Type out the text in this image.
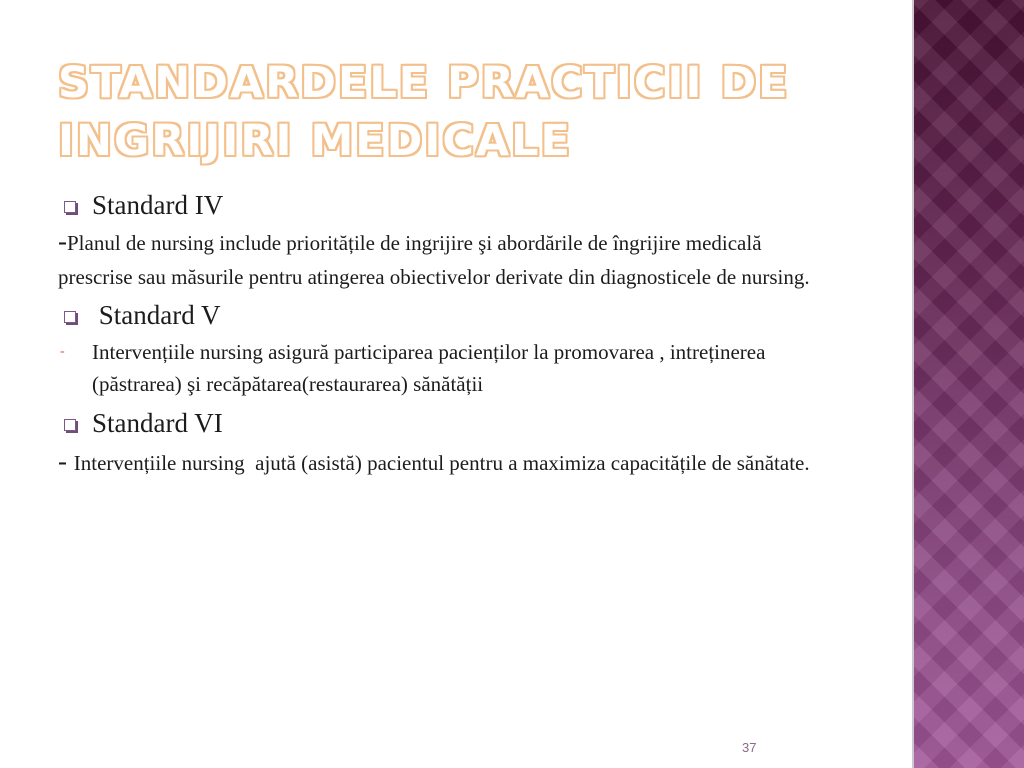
STANDARDELE PRACTICII DE
INGRIJIRI MEDICALE

Standard IV

-Planul de nursing include prioritățile de ingrijire şi abordările de îngrijire medicală prescrise sau măsurile pentru atingerea obiectivelor derivate din diagnosticele de nursing.

Standard V

- Intervențiile nursing asigură participarea pacienților la promovarea , intreținerea (păstrarea) şi recăpătarea(restaurarea) sănătății

Standard VI

- Intervențiile nursing  ajută (asistă) pacientul pentru a maximiza capacitățile de sănătate.

37
